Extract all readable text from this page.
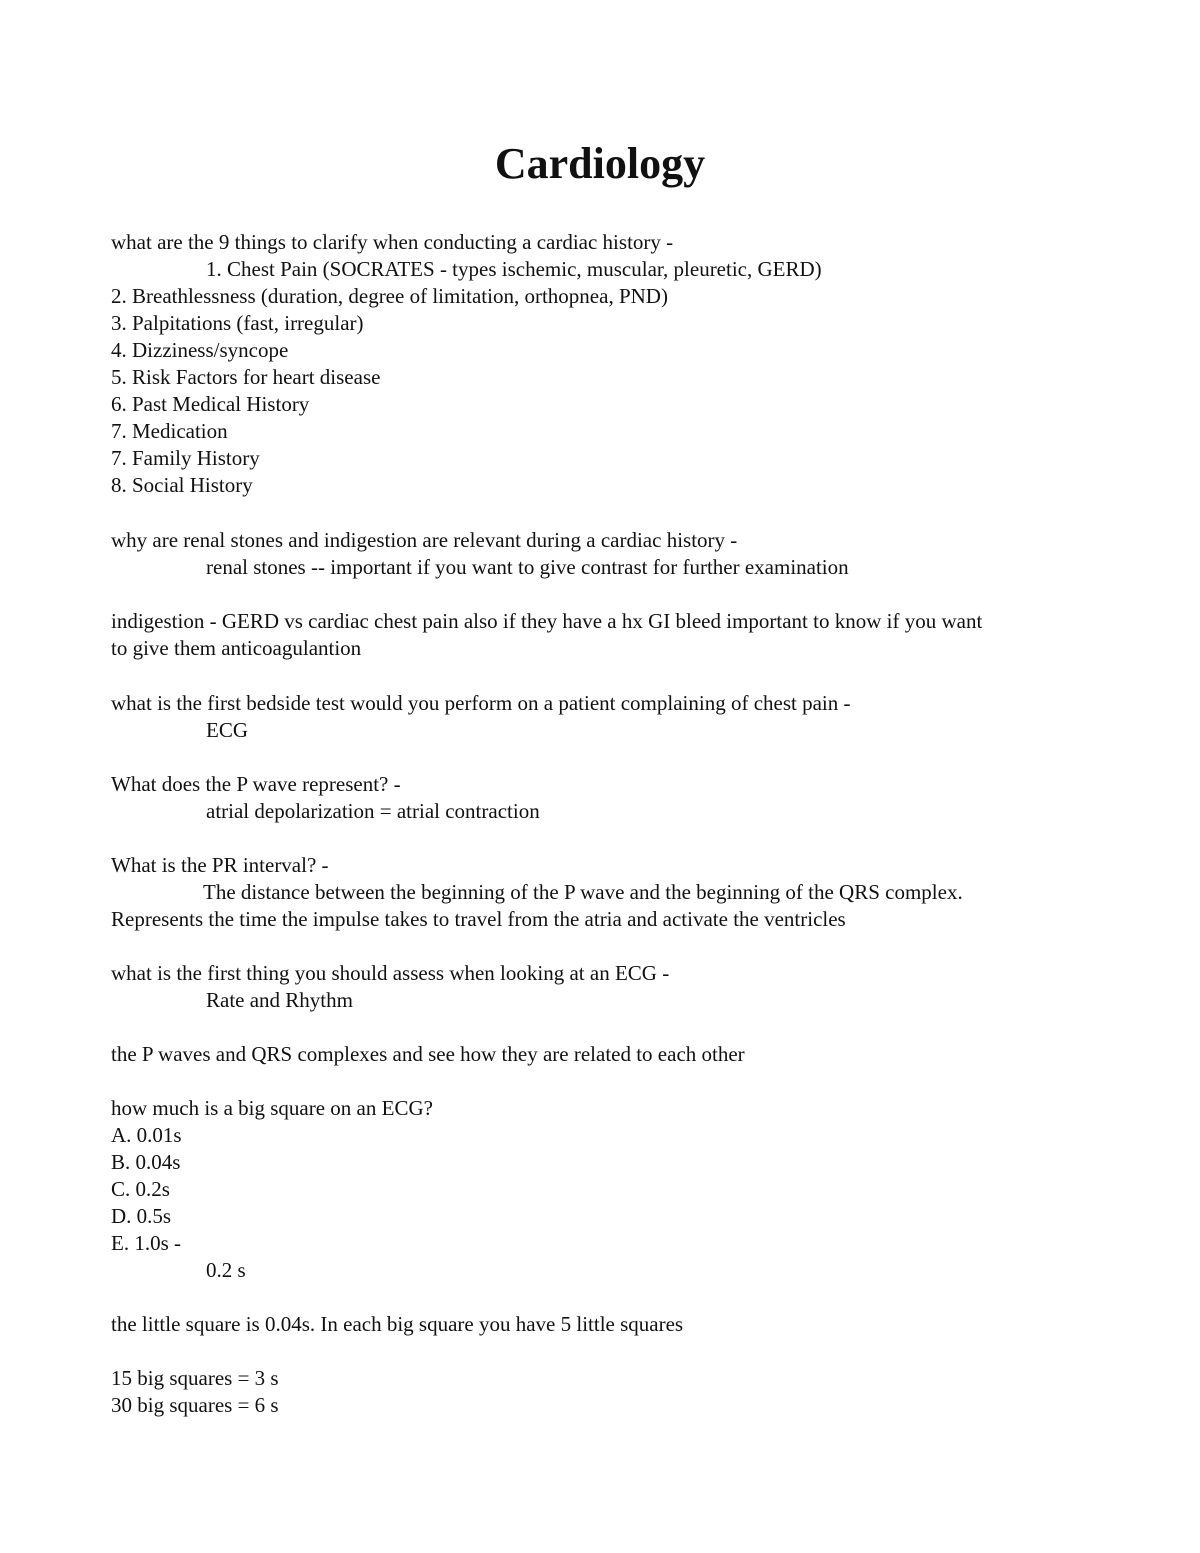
Cardiology

what are the 9 things to clarify when conducting a cardiac history -

1. Chest Pain (SOCRATES - types ischemic, muscular, pleuretic, GERD)

2. Breathlessness (duration, degree of limitation, orthopnea, PND)

3. Palpitations (fast, irregular)

4. Dizziness/syncope

5. Risk Factors for heart disease

6. Past Medical History

7. Medication

7. Family History

8. Social History

why are renal stones and indigestion are relevant during a cardiac history -

renal stones -- important if you want to give contrast for further examination

indigestion - GERD vs cardiac chest pain also if they have a hx GI bleed important to know if you want

to give them anticoagulantion

what is the first bedside test would you perform on a patient complaining of chest pain -

ECG

What does the P wave represent? -

atrial depolarization = atrial contraction

What is the PR interval? -

The distance between the beginning of the P wave and the beginning of the QRS complex.

Represents the time the impulse takes to travel from the atria and activate the ventricles

what is the first thing you should assess when looking at an ECG -

Rate and Rhythm

the P waves and QRS complexes and see how they are related to each other

how much is a big square on an ECG?

A. 0.01s

B. 0.04s

C. 0.2s

D. 0.5s

E. 1.0s -

0.2 s

the little square is 0.04s. In each big square you have 5 little squares

15 big squares = 3 s

30 big squares = 6 s
